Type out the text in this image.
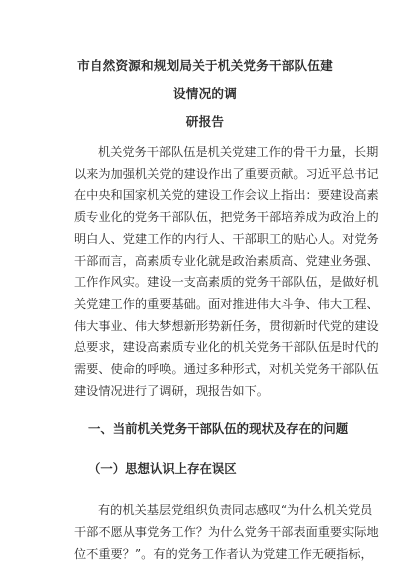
市自然资源和规划局关于机关党务干部队伍建设情况的调
研报告

机关党务干部队伍是机关党建工作的骨干力量，长期
以来为加强机关党的建设作出了重要贡献。习近平总书记
在中央和国家机关党的建设工作会议上指出：要建设高素
质专业化的党务干部队伍，把党务干部培养成为政治上的
明白人、党建工作的内行人、干部职工的贴心人。对党务
干部而言，高素质专业化就是政治素质高、党建业务强、
工作作风实。建设一支高素质的党务干部队伍，是做好机
关党建工作的重要基础。面对推进伟大斗争、伟大工程、
伟大事业、伟大梦想新形势新任务，贯彻新时代党的建设
总要求，建设高素质专业化的机关党务干部队伍是时代的
需要、使命的呼唤。通过多种形式，对机关党务干部队伍
建设情况进行了调研，现报告如下。

一、当前机关党务干部队伍的现状及存在的问题
（一）思想认识上存在误区

有的机关基层党组织负责同志感叹“为什么机关党员
干部不愿从事党务工作？为什么党务干部表面重要实际地
位不重要？”。有的党务工作者认为党建工作无硬指标，
